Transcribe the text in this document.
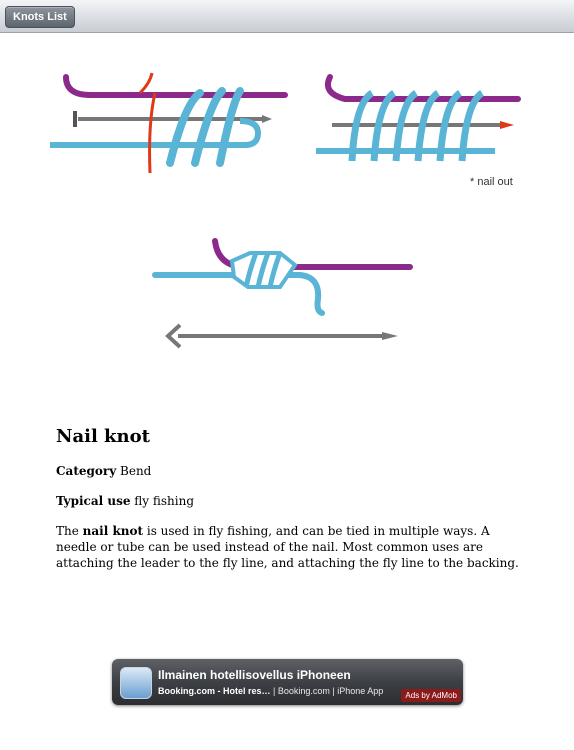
Knots List
* nail out
Nail knot

Category Bend

Typical use fly fishing

The nail knot is used in fly fishing, and can be tied in multiple ways. A needle or tube can be used instead of the nail. Most common uses are attaching the leader to the fly line, and attaching the fly line to the backing.

Ilmainen hotellisovellus iPhoneen
Booking.com - Hotel res… | Booking.com | iPhone App	Ads by AdMob
